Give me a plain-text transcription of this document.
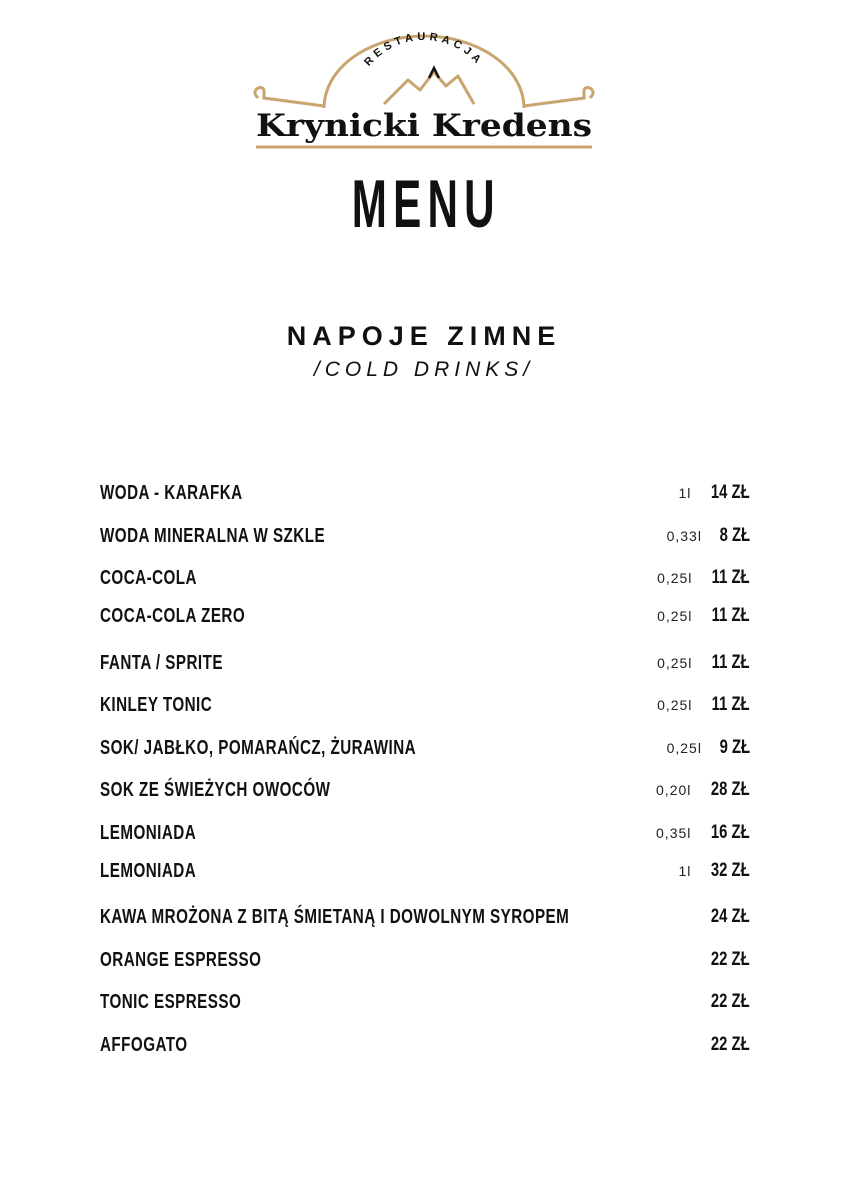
RESTAURACJA
Krynicki Kredens
MENU
NAPOJE ZIMNE
/COLD DRINKS/
WODA - KARAFKA	1l 14 ZŁ
WODA MINERALNA W SZKLE	0,33l 8 ZŁ
COCA-COLA	0,25l 11 ZŁ
COCA-COLA ZERO	0,25l 11 ZŁ
FANTA / SPRITE	0,25l 11 ZŁ
KINLEY TONIC	0,25l 11 ZŁ
SOK/ JABŁKO, POMARAŃCZ, ŻURAWINA	0,25l 9 ZŁ
SOK ZE ŚWIEŻYCH OWOCÓW	0,20l 28 ZŁ
LEMONIADA	0,35l 16 ZŁ
LEMONIADA	1l 32 ZŁ
KAWA MROŻONA Z BITĄ ŚMIETANĄ I DOWOLNYM SYROPEM	24 ZŁ
ORANGE ESPRESSO	22 ZŁ
TONIC ESPRESSO	22 ZŁ
AFFOGATO	22 ZŁ
